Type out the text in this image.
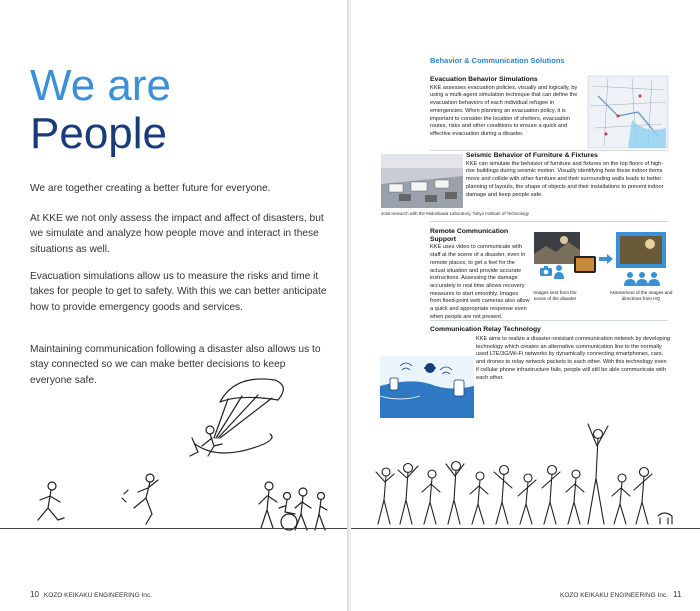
We are
People

We are together creating a better future for everyone.

At KKE we not only assess the impact and affect of disasters, but we simulate and analyze how people move and interact in these situations as well.

Evacuation simulations allow us to measure the risks and time it takes for people to get to safety. With this we can better anticipate how to provide emergency goods and services.

Maintaining communication following a disaster also allows us to stay connected so we can make better decisions to keep everyone safe.

10 KOZO KEIKAKU ENGINEERING Inc.
Behavior & Communication Solutions
Evacuation Behavior Simulations

KKE assesses evacuation policies, visually and logically, by using a multi-agent simulation technique that can define the evacuation behaviors of each individual refugee in emergencies. When planning an evacuation policy, it is important to consider the location of shelters, evacuation routes, risks and other conditions to ensure a quick and effective evacuation during a disaster.

Seismic Behavior of Furniture & Fixtures

KKE can simulate the behavior of furniture and fixtures on the top floors of high-rise buildings during seismic motion. Visually identifying how these indoor items move and collide with other furniture and their surrounding walls leads to better planning of layouts, the shape of objects and their installations to prevent indoor damage and keep people safe.

Joint research with the Midorikawa Laboratory, Tokyo Institute of Technology
Remote Communication Support

KKE uses video to communicate with staff at the scene of a disaster, even in remote places, to get a feel for the actual situation and provide accurate instructions. Assessing the damage accurately in real time allows recovery measures to start smoothly. Images from fixed-point web cameras also allow a quick and appropriate response even when people are not present.

Images sent from the scene of the disaster
Assessment of the images and directions from HQ
Communication Relay Technology

KKE aims to realize a disaster-resistant communication network by developing technology which creates an alternative communication line to the normally used LTE/3G/Wi-Fi networks by dynamically connecting smartphones, cars, and drones to relay network packets to each other. With this technology even if cellular phone infrastructure fails, people will still be able communicate with each other.

KOZO KEIKAKU ENGINEERING Inc. 11
